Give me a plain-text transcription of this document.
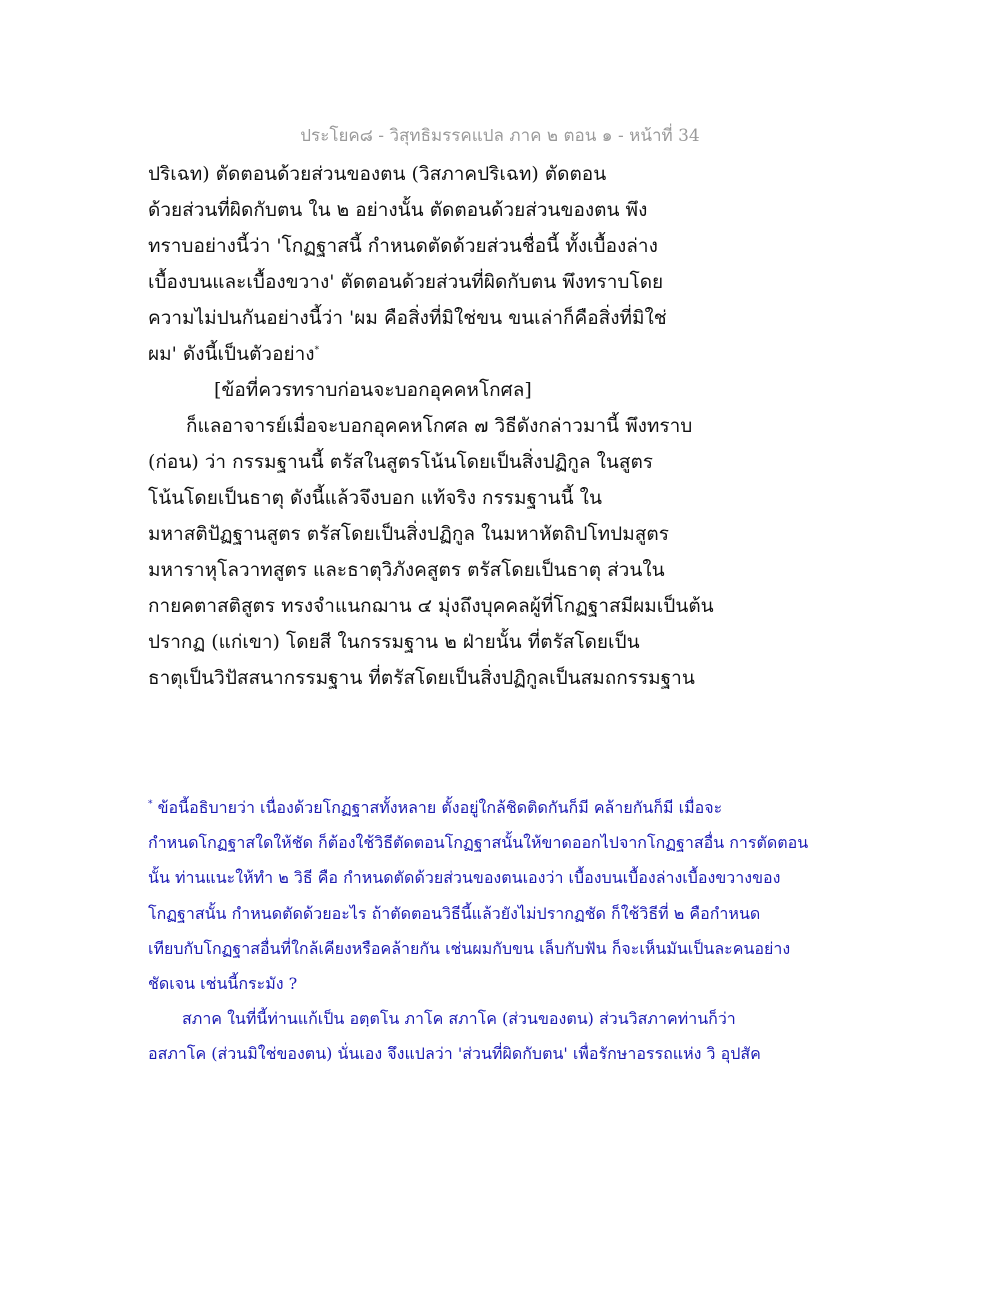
ประโยค๘ - วิสุทธิมรรคแปล ภาค ๒ ตอน ๑ - หน้าที่ 34
ปริเฉท) ตัดตอนด้วยส่วนของตน (วิสภาคปริเฉท) ตัดตอน
ด้วยส่วนที่ผิดกับตน ใน ๒ อย่างนั้น ตัดตอนด้วยส่วนของตน พึง
ทราบอย่างนี้ว่า 'โกฏฐาสนี้ กำหนดตัดด้วยส่วนชื่อนี้ ทั้งเบื้องล่าง
เบื้องบนและเบื้องขวาง' ตัดตอนด้วยส่วนที่ผิดกับตน พึงทราบโดย
ความไม่ปนกันอย่างนี้ว่า 'ผม คือสิ่งที่มิใช่ขน ขนเล่าก็คือสิ่งที่มิใช่
ผม' ดังนี้เป็นตัวอย่าง*
[ข้อที่ควรทราบก่อนจะบอกอุคคหโกศล]
ก็แลอาจารย์เมื่อจะบอกอุคคหโกศล ๗ วิธีดังกล่าวมานี้ พึงทราบ
(ก่อน) ว่า กรรมฐานนี้ ตรัสในสูตรโน้นโดยเป็นสิ่งปฏิกูล ในสูตร
โน้นโดยเป็นธาตุ ดังนี้แล้วจึงบอก แท้จริง กรรมฐานนี้ ใน
มหาสติปัฏฐานสูตร ตรัสโดยเป็นสิ่งปฏิกูล ในมหาหัตถิปโทปมสูตร
มหาราหุโลวาทสูตร และธาตุวิภังคสูตร ตรัสโดยเป็นธาตุ ส่วนใน
กายคตาสติสูตร ทรงจำแนกฌาน ๔ มุ่งถึงบุคคลผู้ที่โกฏฐาสมีผมเป็นต้น
ปรากฏ (แก่เขา) โดยสี ในกรรมฐาน ๒ ฝ่ายนั้น ที่ตรัสโดยเป็น
ธาตุเป็นวิปัสสนากรรมฐาน ที่ตรัสโดยเป็นสิ่งปฏิกูลเป็นสมถกรรมฐาน
* ข้อนี้อธิบายว่า เนื่องด้วยโกฏฐาสทั้งหลาย ตั้งอยู่ใกล้ชิดติดกันก็มี คล้ายกันก็มี เมื่อจะ
กำหนดโกฏฐาสใดให้ชัด ก็ต้องใช้วิธีตัดตอนโกฏฐาสนั้นให้ขาดออกไปจากโกฏฐาสอื่น การตัดตอน
นั้น ท่านแนะให้ทำ ๒ วิธี คือ กำหนดตัดด้วยส่วนของตนเองว่า เบื้องบนเบื้องล่างเบื้องขวางของ
โกฏฐาสนั้น กำหนดตัดด้วยอะไร ถ้าตัดตอนวิธีนี้แล้วยังไม่ปรากฏชัด ก็ใช้วิธีที่ ๒ คือกำหนด
เทียบกับโกฏฐาสอื่นที่ใกล้เคียงหรือคล้ายกัน เช่นผมกับขน เล็บกับฟัน ก็จะเห็นมันเป็นละคนอย่าง
ชัดเจน เช่นนี้กระมัง ?
สภาค ในที่นี้ท่านแก้เป็น อตฺตโน ภาโค สภาโค (ส่วนของตน) ส่วนวิสภาคท่านก็ว่า
อสภาโค (ส่วนมิใช่ของตน) นั่นเอง จึงแปลว่า 'ส่วนที่ผิดกับตน' เพื่อรักษาอรรถแห่ง วิ อุปสัค
